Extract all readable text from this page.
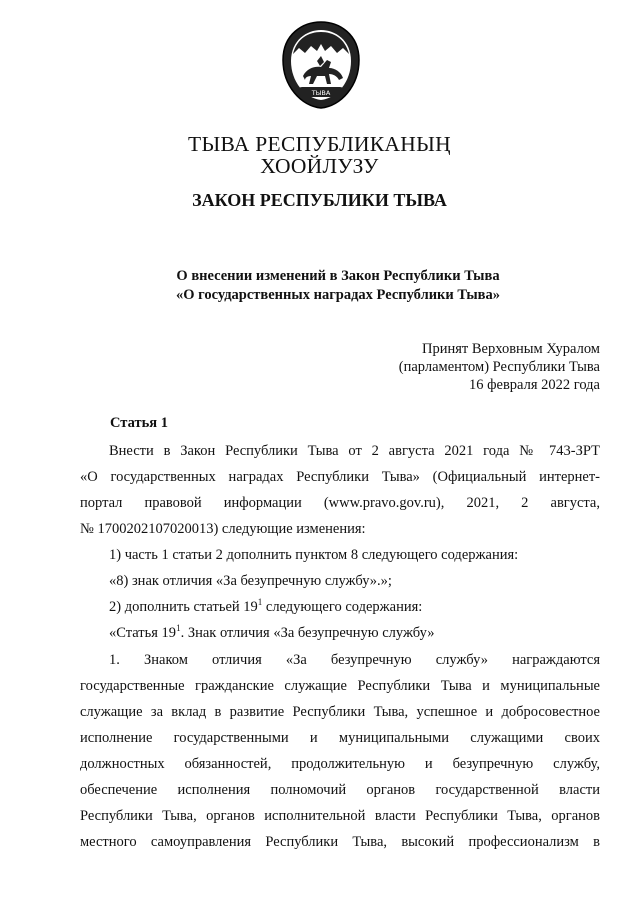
ТЫВА
ТЫВА РЕСПУБЛИКАНЫҢ
ХООЙЛУЗУ
ЗАКОН РЕСПУБЛИКИ ТЫВА
О внесении изменений в Закон Республики Тыва
«О государственных наградах Республики Тыва»
Принят Верховным Хуралом
(парламентом) Республики Тыва
16 февраля 2022 года
Статья 1
Внести в Закон Республики Тыва от 2 августа 2021 года № 743-ЗРТ
«О государственных наградах Республики Тыва» (Официальный интернет-
портал правовой информации (www.pravo.gov.ru), 2021, 2 августа,
№ 1700202107020013) следующие изменения:
1) часть 1 статьи 2 дополнить пунктом 8 следующего содержания:
«8) знак отличия «За безупречную службу».»;
2) дополнить статьей $19^1$ следующего содержания:
«Статья $19^1$. Знак отличия «За безупречную службу»
1. Знаком отличия «За безупречную службу» награждаются
государственные гражданские служащие Республики Тыва и муниципальные
служащие за вклад в развитие Республики Тыва, успешное и добросовестное
исполнение государственными и муниципальными служащими своих
должностных обязанностей, продолжительную и безупречную службу,
обеспечение исполнения полномочий органов государственной власти
Республики Тыва, органов исполнительной власти Республики Тыва, органов
местного самоуправления Республики Тыва, высокий профессионализм в
